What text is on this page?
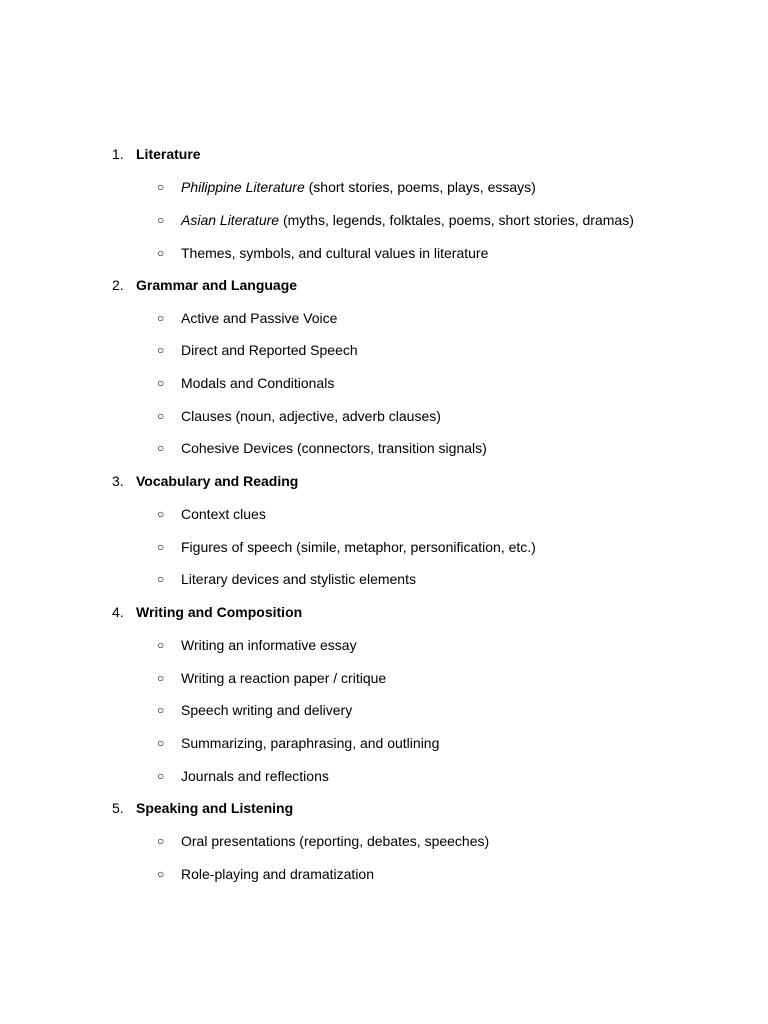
1. Literature
○ Philippine Literature (short stories, poems, plays, essays)
○ Asian Literature (myths, legends, folktales, poems, short stories, dramas)
○ Themes, symbols, and cultural values in literature
2. Grammar and Language
○ Active and Passive Voice
○ Direct and Reported Speech
○ Modals and Conditionals
○ Clauses (noun, adjective, adverb clauses)
○ Cohesive Devices (connectors, transition signals)
3. Vocabulary and Reading
○ Context clues
○ Figures of speech (simile, metaphor, personification, etc.)
○ Literary devices and stylistic elements
4. Writing and Composition
○ Writing an informative essay
○ Writing a reaction paper / critique
○ Speech writing and delivery
○ Summarizing, paraphrasing, and outlining
○ Journals and reflections
5. Speaking and Listening
○ Oral presentations (reporting, debates, speeches)
○ Role-playing and dramatization
